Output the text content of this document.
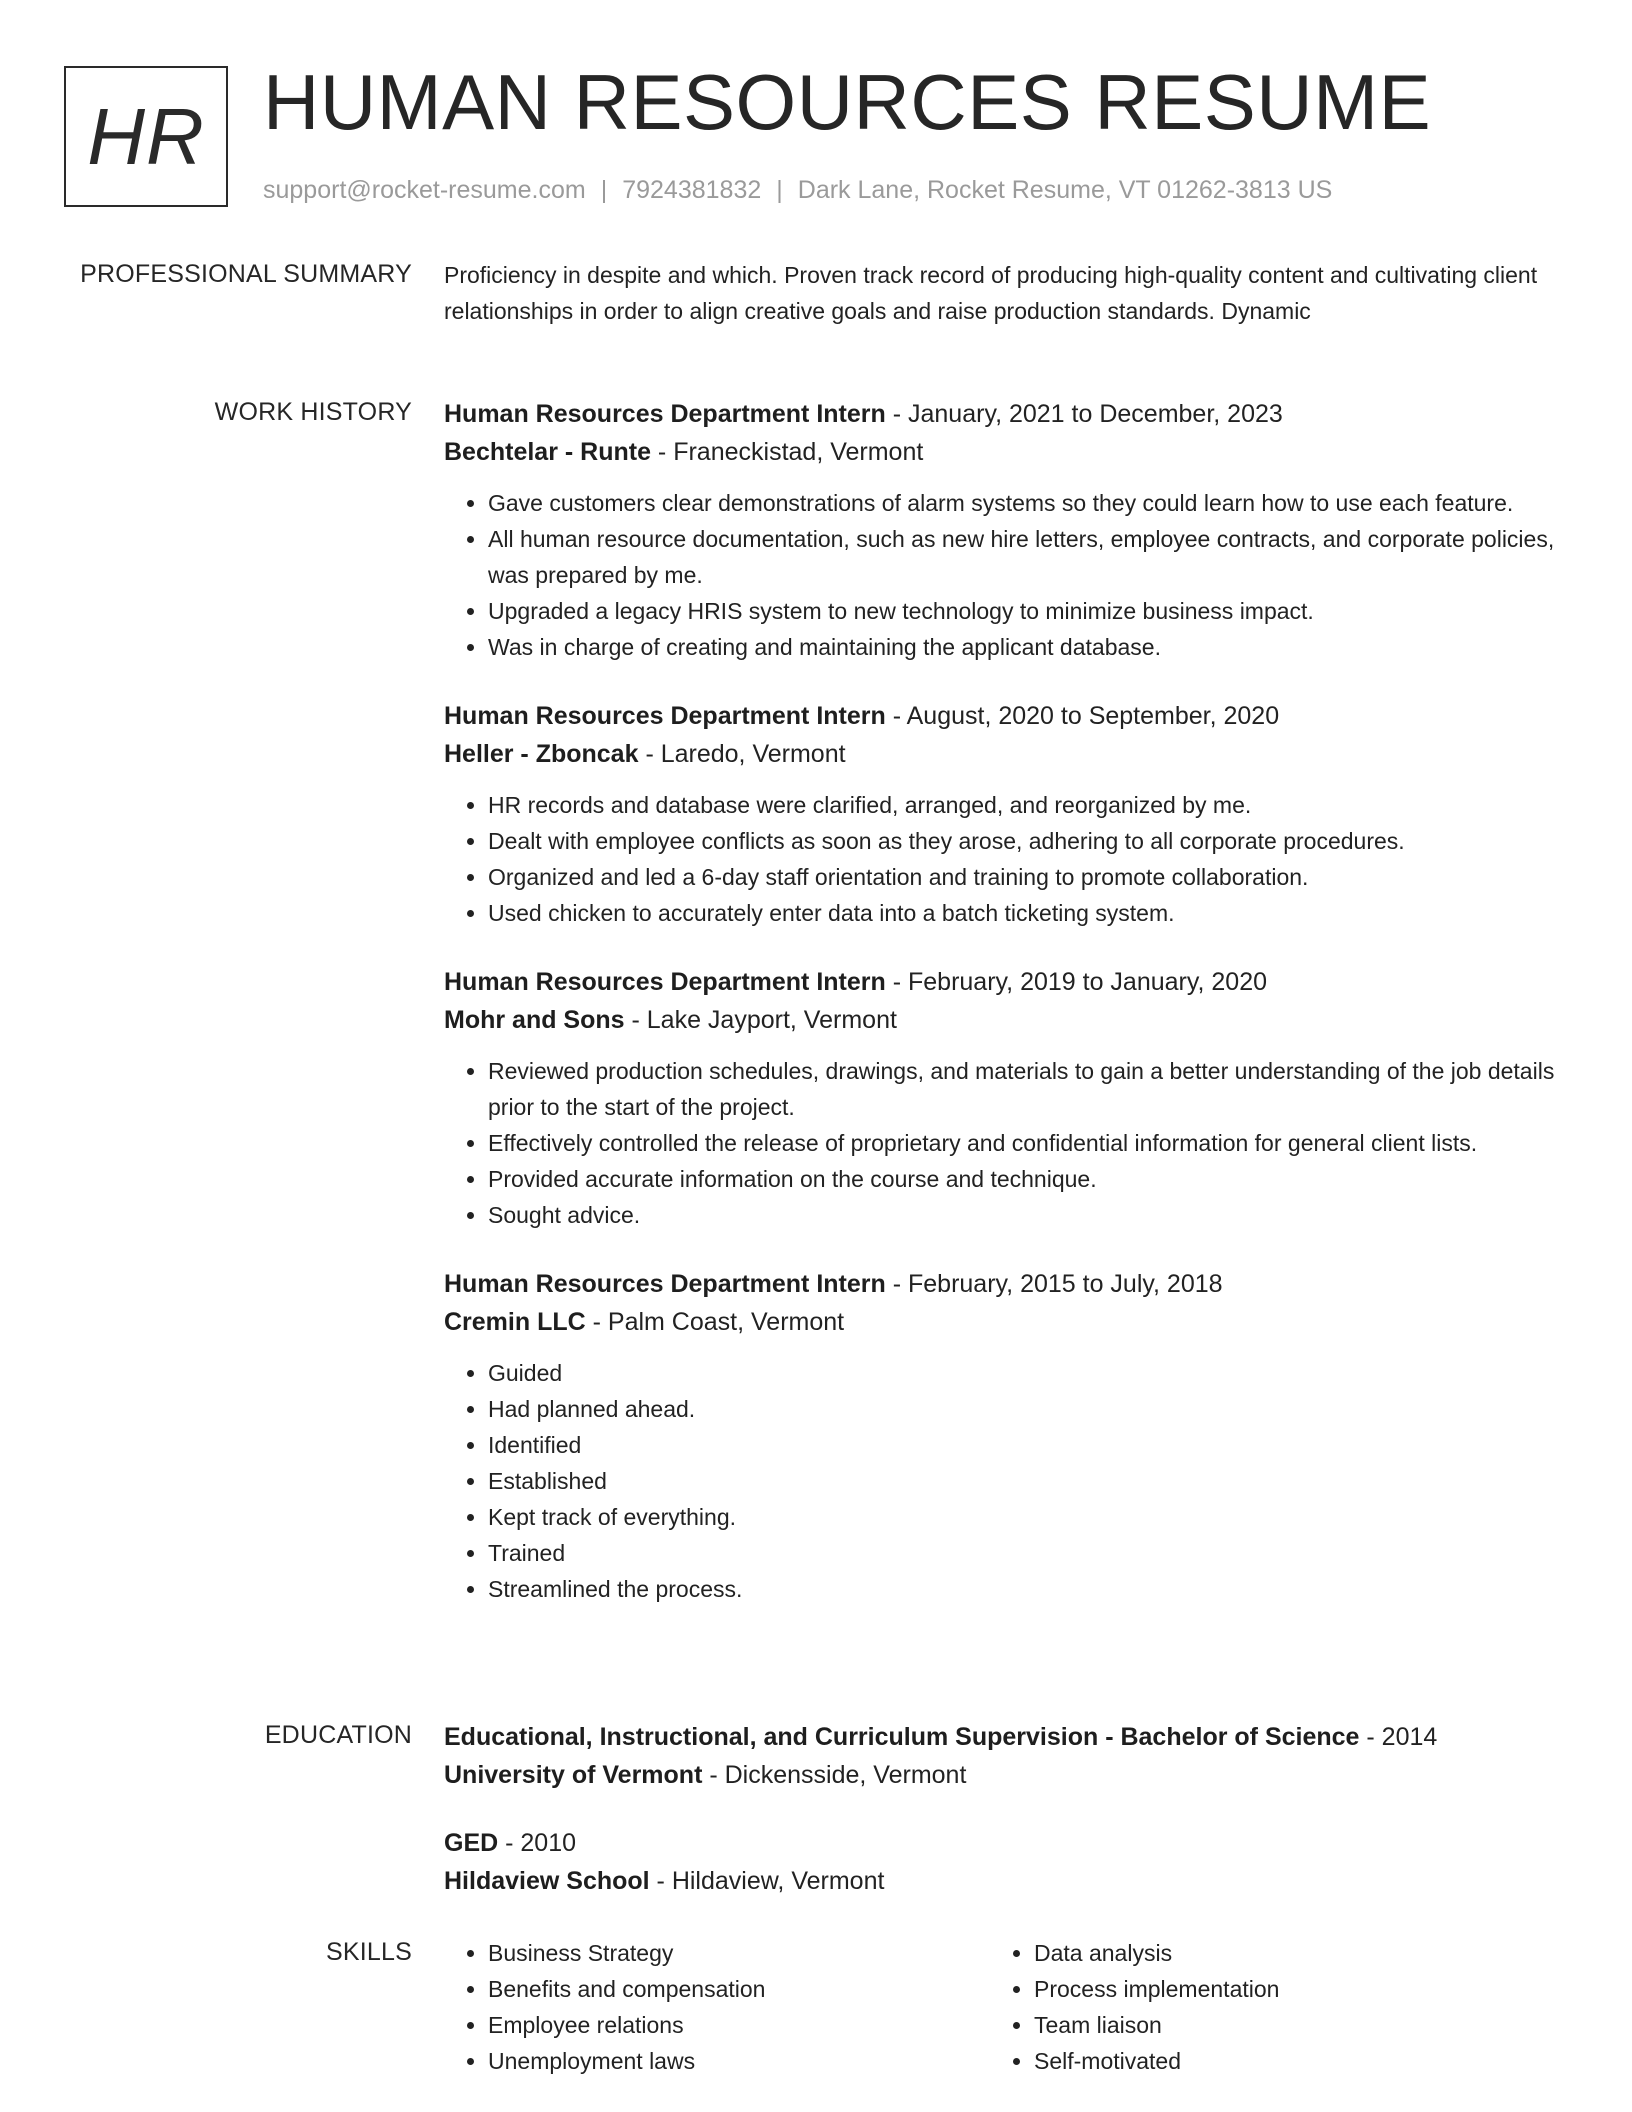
HR HUMAN RESOURCES RESUME
support@rocket-resume.com | 7924381832 | Dark Lane, Rocket Resume, VT 01262-3813 US
PROFESSIONAL SUMMARY Proficiency in despite and which. Proven track record of producing high-quality content and cultivating client relationships in order to align creative goals and raise production standards. Dynamic

WORK HISTORY Human Resources Department Intern - January, 2021 to December, 2023
Bechtelar - Runte - Franeckistad, Vermont
• Gave customers clear demonstrations of alarm systems so they could learn how to use each feature.
• All human resource documentation, such as new hire letters, employee contracts, and corporate policies, was prepared by me.
• Upgraded a legacy HRIS system to new technology to minimize business impact.
• Was in charge of creating and maintaining the applicant database.
Human Resources Department Intern - August, 2020 to September, 2020
Heller - Zboncak - Laredo, Vermont
• HR records and database were clarified, arranged, and reorganized by me.
• Dealt with employee conflicts as soon as they arose, adhering to all corporate procedures.
• Organized and led a 6-day staff orientation and training to promote collaboration.
• Used chicken to accurately enter data into a batch ticketing system.
Human Resources Department Intern - February, 2019 to January, 2020
Mohr and Sons - Lake Jayport, Vermont
• Reviewed production schedules, drawings, and materials to gain a better understanding of the job details prior to the start of the project.
• Effectively controlled the release of proprietary and confidential information for general client lists.
• Provided accurate information on the course and technique.
• Sought advice.
Human Resources Department Intern - February, 2015 to July, 2018
Cremin LLC - Palm Coast, Vermont
• Guided
• Had planned ahead.
• Identified
• Established
• Kept track of everything.
• Trained
• Streamlined the process.
EDUCATION Educational, Instructional, and Curriculum Supervision - Bachelor of Science - 2014
University of Vermont - Dickensside, Vermont
GED - 2010
Hildaview School - Hildaview, Vermont
SKILLS
•	Business Strategy
• Benefits and compensation
• Employee relations
• Unemployment laws
• Data analysis
• Process implementation
• Team liaison
• Self-motivated
